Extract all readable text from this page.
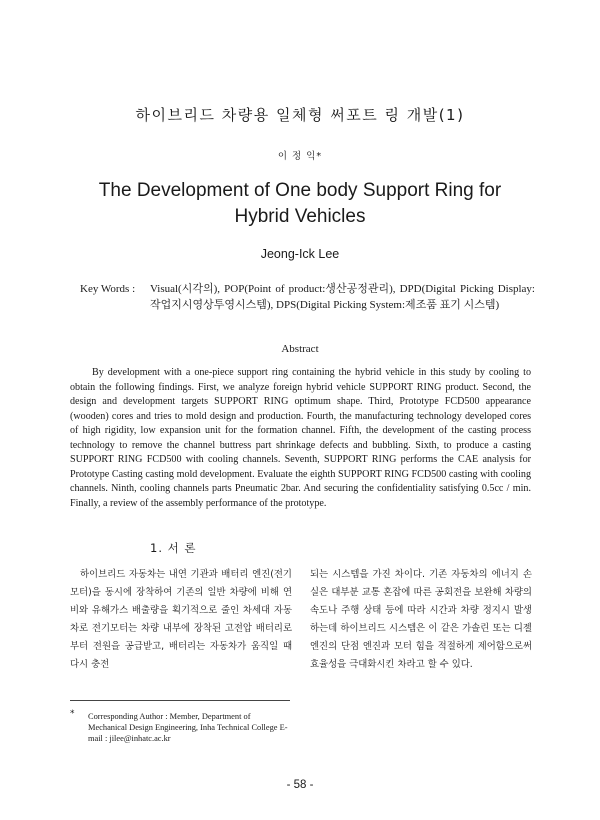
하이브리드 차량용 일체형 써포트 링 개발(1)
이 정 익*
The Development of One body Support Ring for Hybrid Vehicles
Jeong-Ick Lee
Key Words :	Visual(시각의), POP(Point of product:생산공정관리), DPD(Digital Picking Display:작업지시영상투영시스템), DPS(Digital Picking System:제조품 표기 시스템)
Abstract

By development with a one-piece support ring containing the hybrid vehicle in this study by cooling to obtain the following findings. First, we analyze foreign hybrid vehicle SUPPORT RING product. Second, the design and development targets SUPPORT RING optimum shape. Third, Prototype FCD500 appearance (wooden) cores and tries to mold design and production. Fourth, the manufacturing technology developed cores of high rigidity, low expansion unit for the formation channel. Fifth, the development of the casting process technology to remove the channel buttress part shrinkage defects and bubbling. Sixth, to produce a casting SUPPORT RING FCD500 with cooling channels. Seventh, SUPPORT RING performs the CAE analysis for Prototype Casting casting mold development. Evaluate the eighth SUPPORT RING FCD500 casting with cooling channels. Ninth, cooling channels parts Pneumatic 2bar. And securing the confidentiality satisfying 0.5cc / min. Finally, a review of the assembly performance of the prototype.

1. 서 론

하이브리드 자동차는 내연 기관과 배터리 엔진(전기모터)을 동시에 장착하여 기존의 일반 차량에 비해 연비와 유해가스 배출량을 획기적으로 줄인 차세대 자동차로 전기모터는 차량 내부에 장착된 고전압 배터리로부터 전원을 공급받고, 배터리는 자동차가 움직일 때 다시 충전

되는 시스템을 가진 차이다. 기존 자동차의 에너지 손실은 대부분 교통 혼잡에 따른 공회전을 보완해 차량의 속도나 주행 상태 등에 따라 시간과 차량 정지시 발생하는데 하이브리드 시스템은 이 같은 가솔린 또는 디젤 엔진의 단점 엔진과 모터 힘을 적절하게 제어함으로써 효율성을 극대화시킨 차라고 할 수 있다.

* Corresponding Author : Member, Department of Mechanical Design Engineering, Inha Technical College E-mail : jilee@inhatc.ac.kr
- 58 -
